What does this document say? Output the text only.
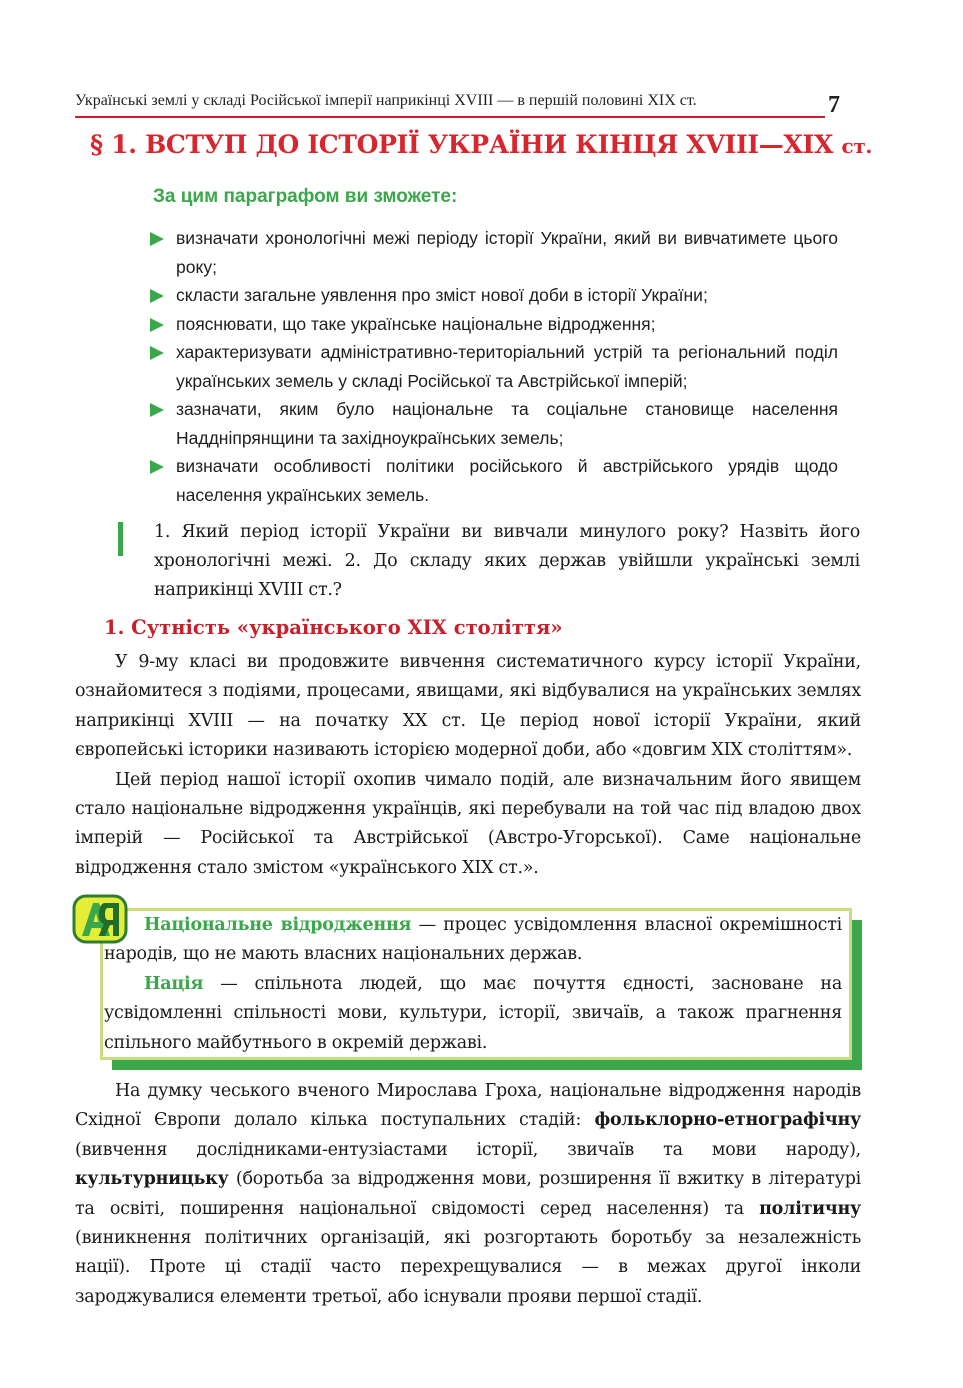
Українські землі у складі Російської імперії наприкінці XVIII — в першій половині XIX ст.	7
§ 1. ВСТУП ДО ІСТОРІЇ УКРАЇНИ КІНЦЯ XVIII—XIX ст.
За цим параграфом ви зможете:
визначати хронологічні межі періоду історії України, який ви вивчатимете цього року;
скласти загальне уявлення про зміст нової доби в історії України;
пояснювати, що таке українське національне відродження;
характеризувати адміністративно-територіальний устрій та регіональний поділ українських земель у складі Російської та Австрійської імперій;
зазначати, яким було національне та соціальне становище населення Наддніпрянщини та західноукраїнських земель;
визначати особливості політики російського й австрійського урядів щодо населення українських земель.
1. Який період історії України ви вивчали минулого року? Назвіть його хронологічні межі. 2. До складу яких держав увійшли українські землі наприкінці XVIII ст.?
1. Сутність «українського XIX століття»

У 9-му класі ви продовжите вивчення систематичного курсу історії України, ознайомитеся з подіями, процесами, явищами, які відбувалися на українських землях наприкінці XVIII — на початку XX ст. Це період нової історії України, який європейські історики називають історією модерної доби, або «довгим XIX століттям».

Цей період нашої історії охопив чимало подій, але визначальним його явищем стало національне відродження українців, які перебували на той час під владою двох імперій — Російської та Австрійської (Австро-Угорської). Саме національне відродження стало змістом «українського XIX ст.».

Національне відродження — процес усвідомлення власної окремішності народів, що не мають власних національних держав.

Нація — спільнота людей, що має почуття єдності, засноване на усвідомленні спільності мови, культури, історії, звичаїв, а також прагнення спільного майбутнього в окремій державі.

На думку чеського вченого Мирослава Гроха, національне відродження народів Східної Європи долало кілька поступальних стадій: фольклорно-етнографічну (вивчення дослідниками-ентузіастами історії, звичаїв та мови народу), культурницьку (боротьба за відродження мови, розширення її вжитку в літературі та освіті, поширення національної свідомості серед населення) та політичну (виникнення політичних організацій, які розгортають боротьбу за незалежність нації). Проте ці стадії часто перехрещувалися — в межах другої інколи зароджувалися елементи третьої, або існували прояви першої стадії.
